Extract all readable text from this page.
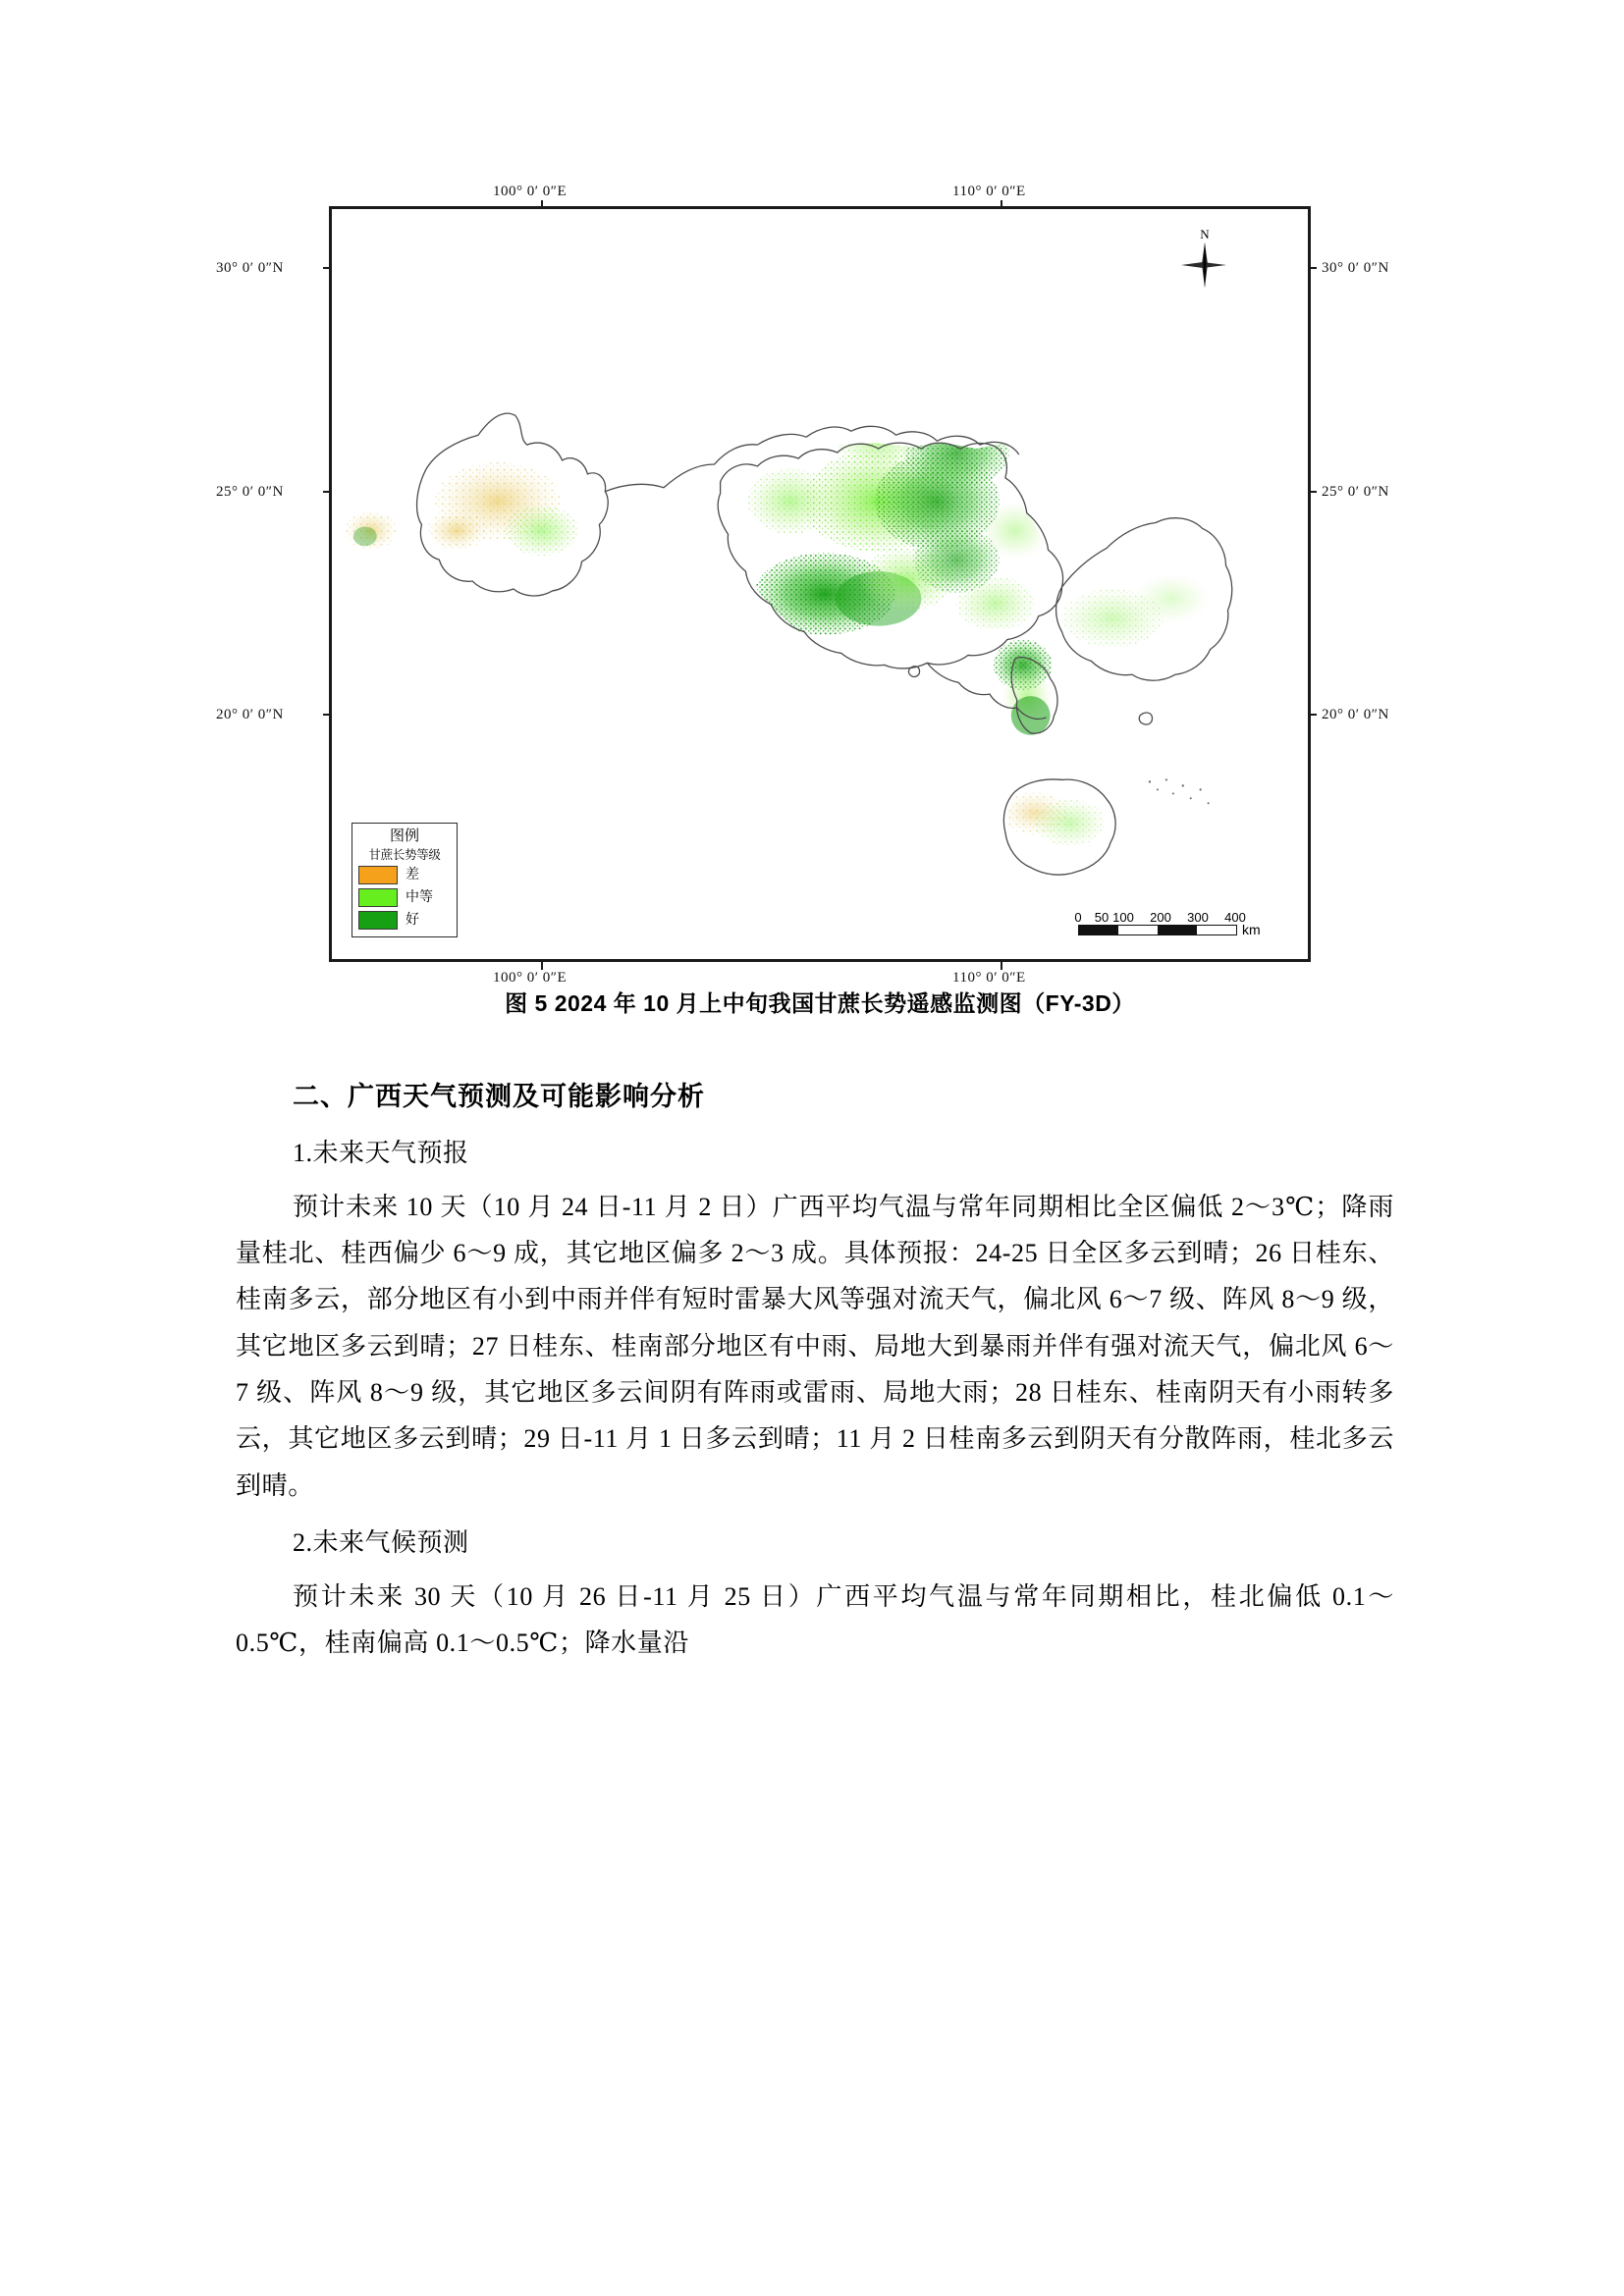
100° 0′ 0″E	110° 0′ 0″E
100° 0′ 0″E	110° 0′ 0″E
30° 0′ 0″N
25° 0′ 0″N
20° 0′ 0″N
30° 0′ 0″N
25° 0′ 0″N
20° 0′ 0″N
N
图例
甘蔗长势等级
差
中等
好	0 50 100 200 300 400
km
图 5 2024 年 10 月上中旬我国甘蔗长势遥感监测图（FY-3D）
二、广西天气预测及可能影响分析

1.未来天气预报

预计未来 10 天（10 月 24 日-11 月 2 日）广西平均气温与常年同期相比全区偏低 2～3℃；降雨量桂北、桂西偏少 6～9 成，其它地区偏多 2～3 成。具体预报：24-25 日全区多云到晴；26 日桂东、桂南多云，部分地区有小到中雨并伴有短时雷暴大风等强对流天气，偏北风 6～7 级、阵风 8～9 级，其它地区多云到晴；27 日桂东、桂南部分地区有中雨、局地大到暴雨并伴有强对流天气，偏北风 6～7 级、阵风 8～9 级，其它地区多云间阴有阵雨或雷雨、局地大雨；28 日桂东、桂南阴天有小雨转多云，其它地区多云到晴；29 日-11 月 1 日多云到晴；11 月 2 日桂南多云到阴天有分散阵雨，桂北多云到晴。

2.未来气候预测

预计未来 30 天（10 月 26 日-11 月 25 日）广西平均气温与常年同期相比，桂北偏低 0.1～0.5℃，桂南偏高 0.1～0.5℃；降水量沿
